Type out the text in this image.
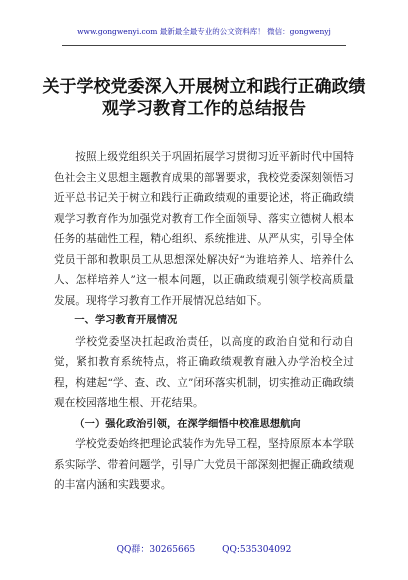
www.gongwenyi.com 最新最全最专业的公文资料库！ 微信：gongwenyj
关于学校党委深入开展树立和践行正确政绩观学习教育工作的总结报告

按照上级党组织关于巩固拓展学习贯彻习近平新时代中国特色社会主义思想主题教育成果的部署要求，我校党委深刻领悟习近平总书记关于树立和践行正确政绩观的重要论述，将正确政绩观学习教育作为加强党对教育工作全面领导、落实立德树人根本任务的基础性工程，精心组织、系统推进、从严从实，引导全体党员干部和教职员工从思想深处解决好“为谁培养人、培养什么人、怎样培养人”这一根本问题，以正确政绩观引领学校高质量发展。现将学习教育工作开展情况总结如下。

一、学习教育开展情况

学校党委坚决扛起政治责任，以高度的政治自觉和行动自觉，紧扣教育系统特点，将正确政绩观教育融入办学治校全过程，构建起“学、查、改、立”闭环落实机制，切实推动正确政绩观在校园落地生根、开花结果。

（一）强化政治引领，在深学细悟中校准思想航向

学校党委始终把理论武装作为先导工程，坚持原原本本学联系实际学、带着问题学，引导广大党员干部深刻把握正确政绩观的丰富内涵和实践要求。

QQ群：30265665	QQ:535304092
